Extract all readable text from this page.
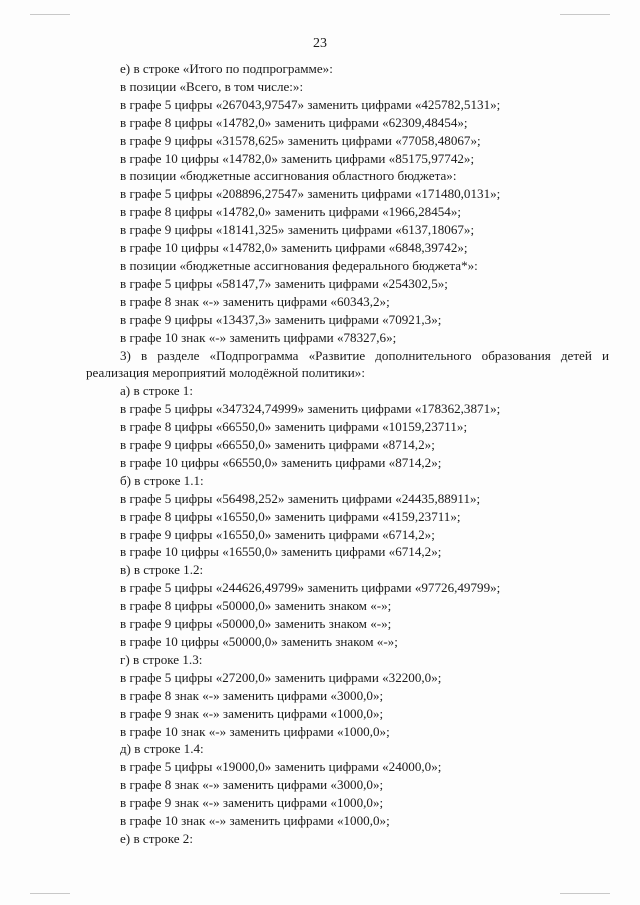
23
е) в строке «Итого по подпрограмме»:
в позиции «Всего, в том числе:»:
в графе 5 цифры «267043,97547» заменить цифрами «425782,5131»;
в графе 8 цифры «14782,0» заменить цифрами «62309,48454»;
в графе 9 цифры «31578,625» заменить цифрами «77058,48067»;
в графе 10 цифры «14782,0» заменить цифрами «85175,97742»;
в позиции «бюджетные ассигнования областного бюджета»:
в графе 5 цифры «208896,27547» заменить цифрами «171480,0131»;
в графе 8 цифры «14782,0» заменить цифрами «1966,28454»;
в графе 9 цифры «18141,325» заменить цифрами «6137,18067»;
в графе 10 цифры «14782,0» заменить цифрами «6848,39742»;
в позиции «бюджетные ассигнования федерального бюджета*»:
в графе 5 цифры «58147,7» заменить цифрами «254302,5»;
в графе 8 знак «-» заменить цифрами «60343,2»;
в графе 9 цифры «13437,3» заменить цифрами «70921,3»;
в графе 10 знак «-» заменить цифрами «78327,6»;
3) в разделе «Подпрограмма «Развитие дополнительного образования детей и реализация мероприятий молодёжной политики»:
а) в строке 1:
в графе 5 цифры «347324,74999» заменить цифрами «178362,3871»;
в графе 8 цифры «66550,0» заменить цифрами «10159,23711»;
в графе 9 цифры «66550,0» заменить цифрами «8714,2»;
в графе 10 цифры «66550,0» заменить цифрами «8714,2»;
б) в строке 1.1:
в графе 5 цифры «56498,252» заменить цифрами «24435,88911»;
в графе 8 цифры «16550,0» заменить цифрами «4159,23711»;
в графе 9 цифры «16550,0» заменить цифрами «6714,2»;
в графе 10 цифры «16550,0» заменить цифрами «6714,2»;
в) в строке 1.2:
в графе 5 цифры «244626,49799» заменить цифрами «97726,49799»;
в графе 8 цифры «50000,0» заменить знаком «-»;
в графе 9 цифры «50000,0» заменить знаком «-»;
в графе 10 цифры «50000,0» заменить знаком «-»;
г) в строке 1.3:
в графе 5 цифры «27200,0» заменить цифрами «32200,0»;
в графе 8 знак «-» заменить цифрами «3000,0»;
в графе 9 знак «-» заменить цифрами «1000,0»;
в графе 10 знак «-» заменить цифрами «1000,0»;
д) в строке 1.4:
в графе 5 цифры «19000,0» заменить цифрами «24000,0»;
в графе 8 знак «-» заменить цифрами «3000,0»;
в графе 9 знак «-» заменить цифрами «1000,0»;
в графе 10 знак «-» заменить цифрами «1000,0»;
е) в строке 2:
